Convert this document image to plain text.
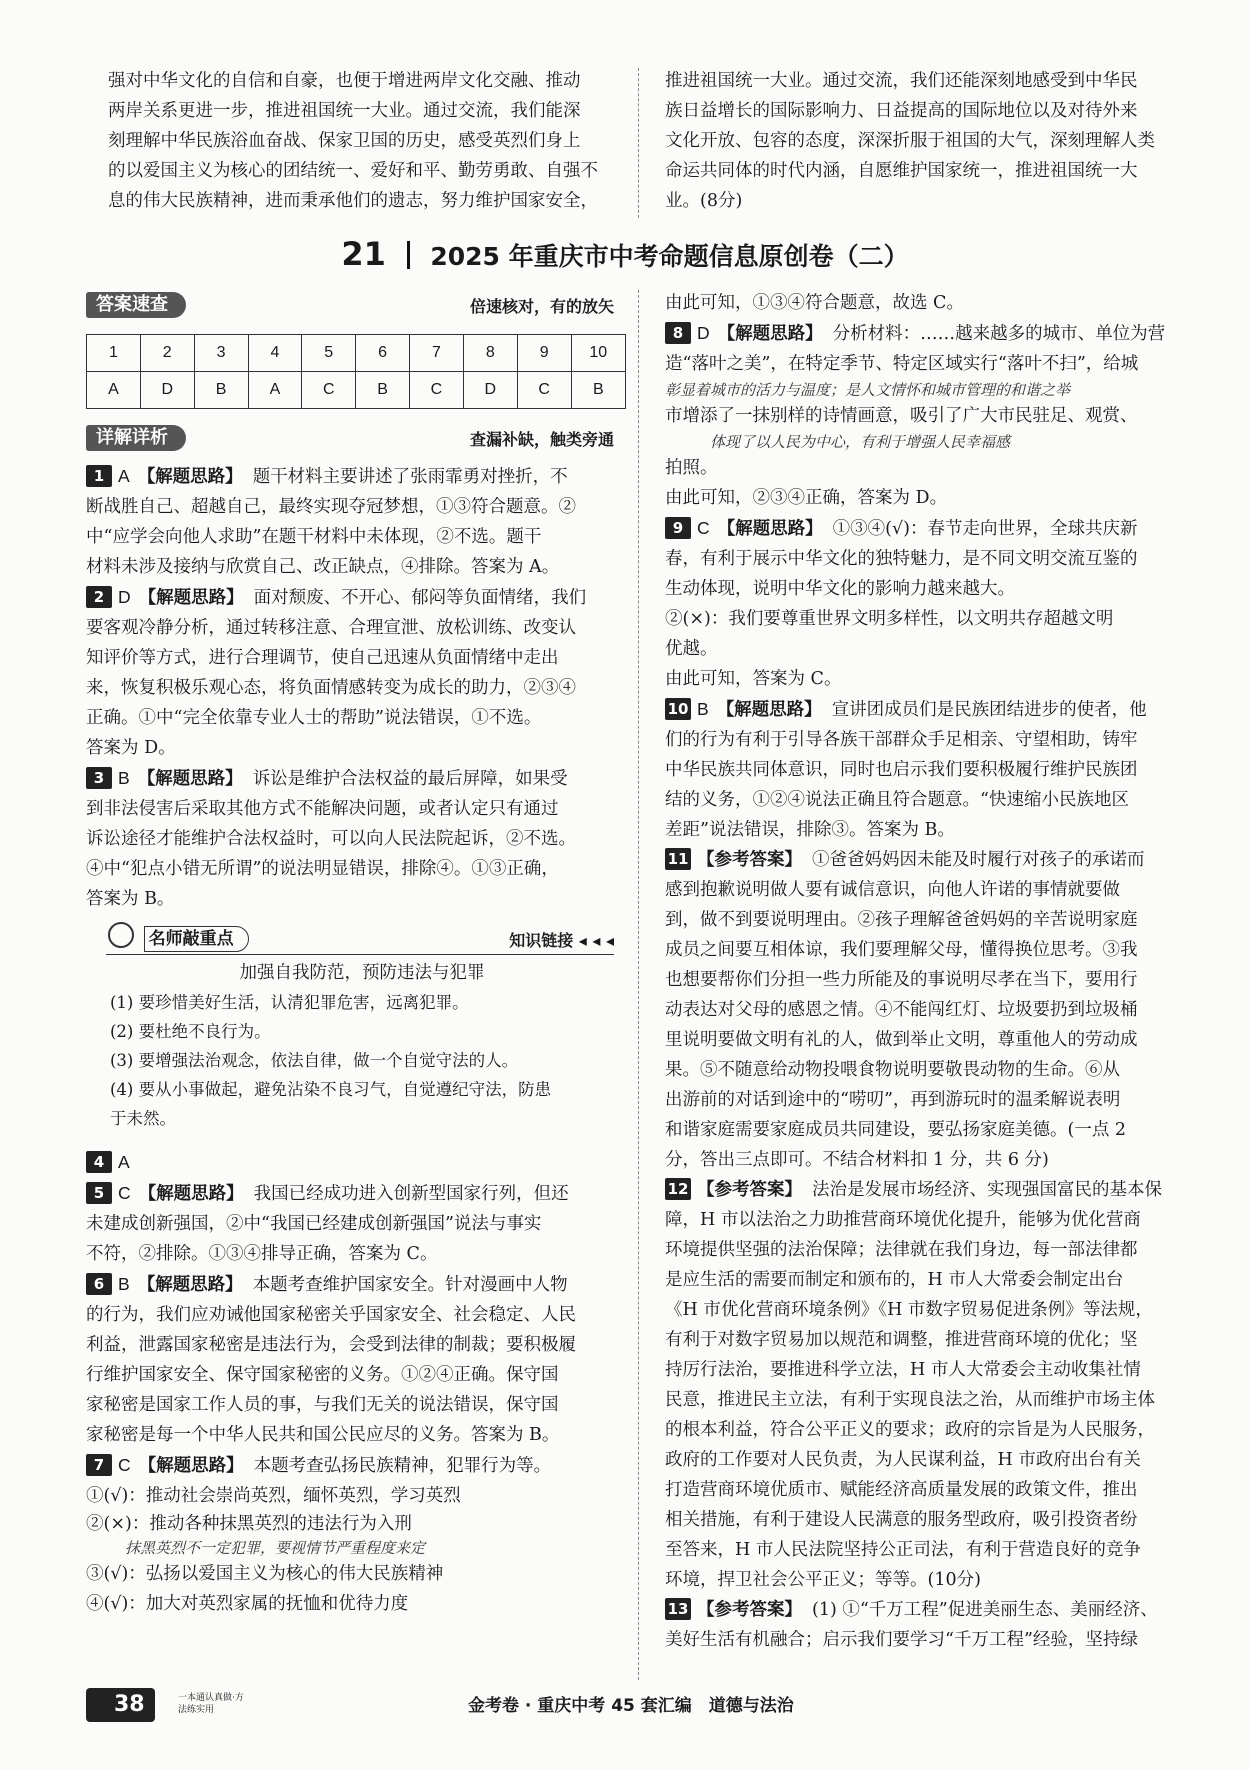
强对中华文化的自信和自豪，也便于增进两岸文化交融、推动

两岸关系更进一步，推进祖国统一大业。通过交流，我们能深

刻理解中华民族浴血奋战、保家卫国的历史，感受英烈们身上

的以爱国主义为核心的团结统一、爱好和平、勤劳勇敢、自强不

息的伟大民族精神，进而秉承他们的遗志，努力维护国家安全，

推进祖国统一大业。通过交流，我们还能深刻地感受到中华民

族日益增长的国际影响力、日益提高的国际地位以及对待外来

文化开放、包容的态度，深深折服于祖国的大气，深刻理解人类

命运共同体的时代内涵，自愿维护国家统一，推进祖国统一大

业。(8分)

21 2025 年重庆市中考命题信息原创卷（二）
答案速查	倍速核对，有的放矢
1	2	3	4	5	6	7	8	9	10
A	D	B	A	C	B	C	D	C	B
详解详析	查漏补缺，触类旁通

1 A 【解题思路】 题干材料主要讲述了张雨霏勇对挫折，不

断战胜自己、超越自己，最终实现夺冠梦想，①③符合题意。②

中“应学会向他人求助”在题干材料中未体现，②不选。题干

材料未涉及接纳与欣赏自己、改正缺点，④排除。答案为 A。

2 D 【解题思路】 面对颓废、不开心、郁闷等负面情绪，我们

要客观冷静分析，通过转移注意、合理宣泄、放松训练、改变认

知评价等方式，进行合理调节，使自己迅速从负面情绪中走出

来，恢复积极乐观心态，将负面情感转变为成长的助力，②③④

正确。①中“完全依靠专业人士的帮助”说法错误，①不选。

答案为 D。

3 B 【解题思路】 诉讼是维护合法权益的最后屏障，如果受

到非法侵害后采取其他方式不能解决问题，或者认定只有通过

诉讼途径才能维护合法权益时，可以向人民法院起诉，②不选。

④中“犯点小错无所谓”的说法明显错误，排除④。①③正确，

答案为 B。

名师敲重点	知识链接 ◂ ◂ ◂

加强自我防范，预防违法与犯罪

(1) 要珍惜美好生活，认清犯罪危害，远离犯罪。

(2) 要杜绝不良行为。

(3) 要增强法治观念，依法自律，做一个自觉守法的人。

(4) 要从小事做起，避免沾染不良习气，自觉遵纪守法，防患

于未然。

4 A

5 C 【解题思路】 我国已经成功进入创新型国家行列，但还

未建成创新强国，②中“我国已经建成创新强国”说法与事实

不符，②排除。①③④排导正确，答案为 C。

6 B 【解题思路】 本题考查维护国家安全。针对漫画中人物

的行为，我们应劝诫他国家秘密关乎国家安全、社会稳定、人民

利益，泄露国家秘密是违法行为，会受到法律的制裁；要积极履

行维护国家安全、保守国家秘密的义务。①②④正确。保守国

家秘密是国家工作人员的事，与我们无关的说法错误，保守国

家秘密是每一个中华人民共和国公民应尽的义务。答案为 B。

7 C 【解题思路】 本题考查弘扬民族精神，犯罪行为等。

①(√)：推动社会崇尚英烈，缅怀英烈，学习英烈

②(×)：推动各种抹黑英烈的违法行为入刑

抹黑英烈不一定犯罪，要视情节严重程度来定

③(√)：弘扬以爱国主义为核心的伟大民族精神

④(√)：加大对英烈家属的抚恤和优待力度

由此可知，①③④符合题意，故选 C。

8 D 【解题思路】 分析材料：……越来越多的城市、单位为营

造“落叶之美”，在特定季节、特定区域实行“落叶不扫”，给城

彰显着城市的活力与温度；是人文情怀和城市管理的和谐之举

市增添了一抹别样的诗情画意，吸引了广大市民驻足、观赏、

体现了以人民为中心，有利于增强人民幸福感

拍照。

由此可知，②③④正确，答案为 D。

9 C 【解题思路】 ①③④(√)：春节走向世界，全球共庆新

春，有利于展示中华文化的独特魅力，是不同文明交流互鉴的

生动体现，说明中华文化的影响力越来越大。

②(×)：我们要尊重世界文明多样性，以文明共存超越文明

优越。

由此可知，答案为 C。

10 B 【解题思路】 宣讲团成员们是民族团结进步的使者，他

们的行为有利于引导各族干部群众手足相亲、守望相助，铸牢

中华民族共同体意识，同时也启示我们要积极履行维护民族团

结的义务，①②④说法正确且符合题意。“快速缩小民族地区

差距”说法错误，排除③。答案为 B。

11 【参考答案】 ①爸爸妈妈因未能及时履行对孩子的承诺而

感到抱歉说明做人要有诚信意识，向他人许诺的事情就要做

到，做不到要说明理由。②孩子理解爸爸妈妈的辛苦说明家庭

成员之间要互相体谅，我们要理解父母，懂得换位思考。③我

也想要帮你们分担一些力所能及的事说明尽孝在当下，要用行

动表达对父母的感恩之情。④不能闯红灯、垃圾要扔到垃圾桶

里说明要做文明有礼的人，做到举止文明，尊重他人的劳动成

果。⑤不随意给动物投喂食物说明要敬畏动物的生命。⑥从

出游前的对话到途中的“唠叨”，再到游玩时的温柔解说表明

和谐家庭需要家庭成员共同建设，要弘扬家庭美德。(一点 2

分，答出三点即可。不结合材料扣 1 分，共 6 分)

12 【参考答案】 法治是发展市场经济、实现强国富民的基本保

障，H 市以法治之力助推营商环境优化提升，能够为优化营商

环境提供坚强的法治保障；法律就在我们身边，每一部法律都

是应生活的需要而制定和颁布的，H 市人大常委会制定出台

《H 市优化营商环境条例》《H 市数字贸易促进条例》等法规，

有利于对数字贸易加以规范和调整，推进营商环境的优化；坚

持厉行法治，要推进科学立法，H 市人大常委会主动收集社情

民意，推进民主立法，有利于实现良法之治，从而维护市场主体

的根本利益，符合公平正义的要求；政府的宗旨是为人民服务，

政府的工作要对人民负责，为人民谋利益，H 市政府出台有关

打造营商环境优质市、赋能经济高质量发展的政策文件，推出

相关措施，有利于建设人民满意的服务型政府，吸引投资者纷

至答来，H 市人民法院坚持公正司法，有利于营造良好的竞争

环境，捍卫社会公平正义；等等。(10分)

13 【参考答案】 (1) ①“千万工程”促进美丽生态、美丽经济、

美好生活有机融合；启示我们要学习“千万工程”经验，坚持绿

38	一本通认真做·方法练实用	金考卷 · 重庆中考 45 套汇编　道德与法治
